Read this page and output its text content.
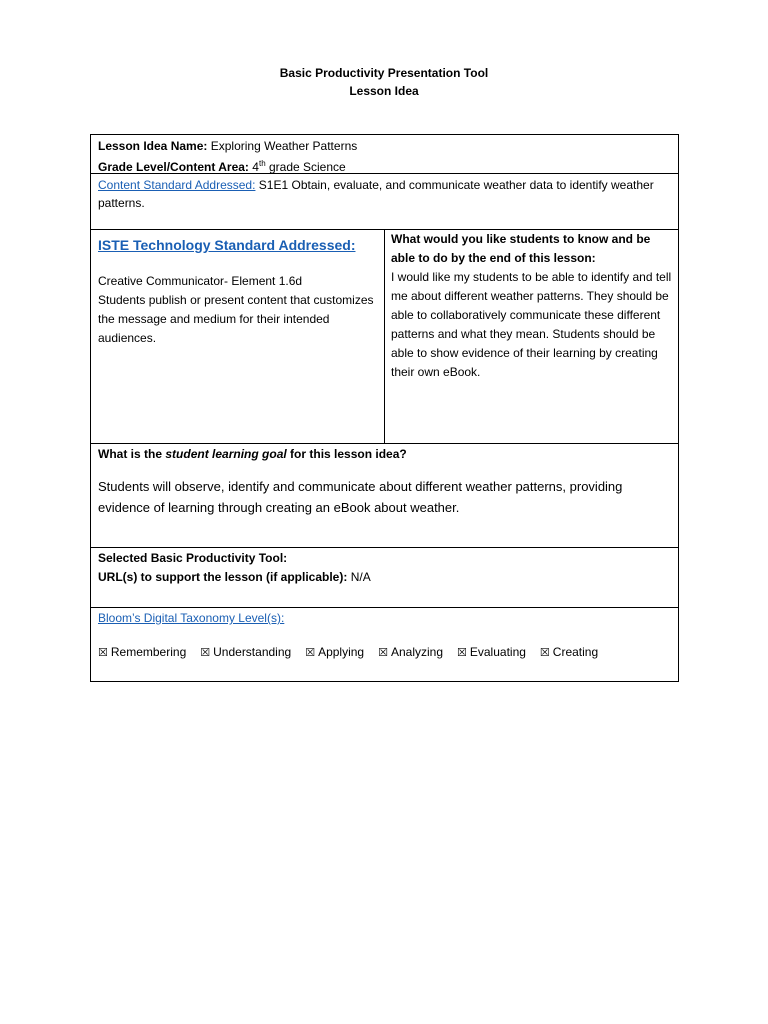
Basic Productivity Presentation Tool
Lesson Idea
Lesson Idea Name: Exploring Weather Patterns
Grade Level/Content Area: 4th grade Science
Content Standard Addressed: S1E1 Obtain, evaluate, and communicate weather data to identify weather patterns.
ISTE Technology Standard Addressed:
Creative Communicator- Element 1.6d
Students publish or present content that customizes the message and medium for their intended audiences.
What would you like students to know and be able to do by the end of this lesson:
I would like my students to be able to identify and tell me about different weather patterns. They should be able to collaboratively communicate these different patterns and what they mean. Students should be able to show evidence of their learning by creating their own eBook.
What is the student learning goal for this lesson idea?
Students will observe, identify and communicate about different weather patterns, providing evidence of learning through creating an eBook about weather.
Selected Basic Productivity Tool:
URL(s) to support the lesson (if applicable): N/A
Bloom’s Digital Taxonomy Level(s):
☒ Remembering ☒ Understanding ☒ Applying ☒ Analyzing ☒ Evaluating ☒ Creating
